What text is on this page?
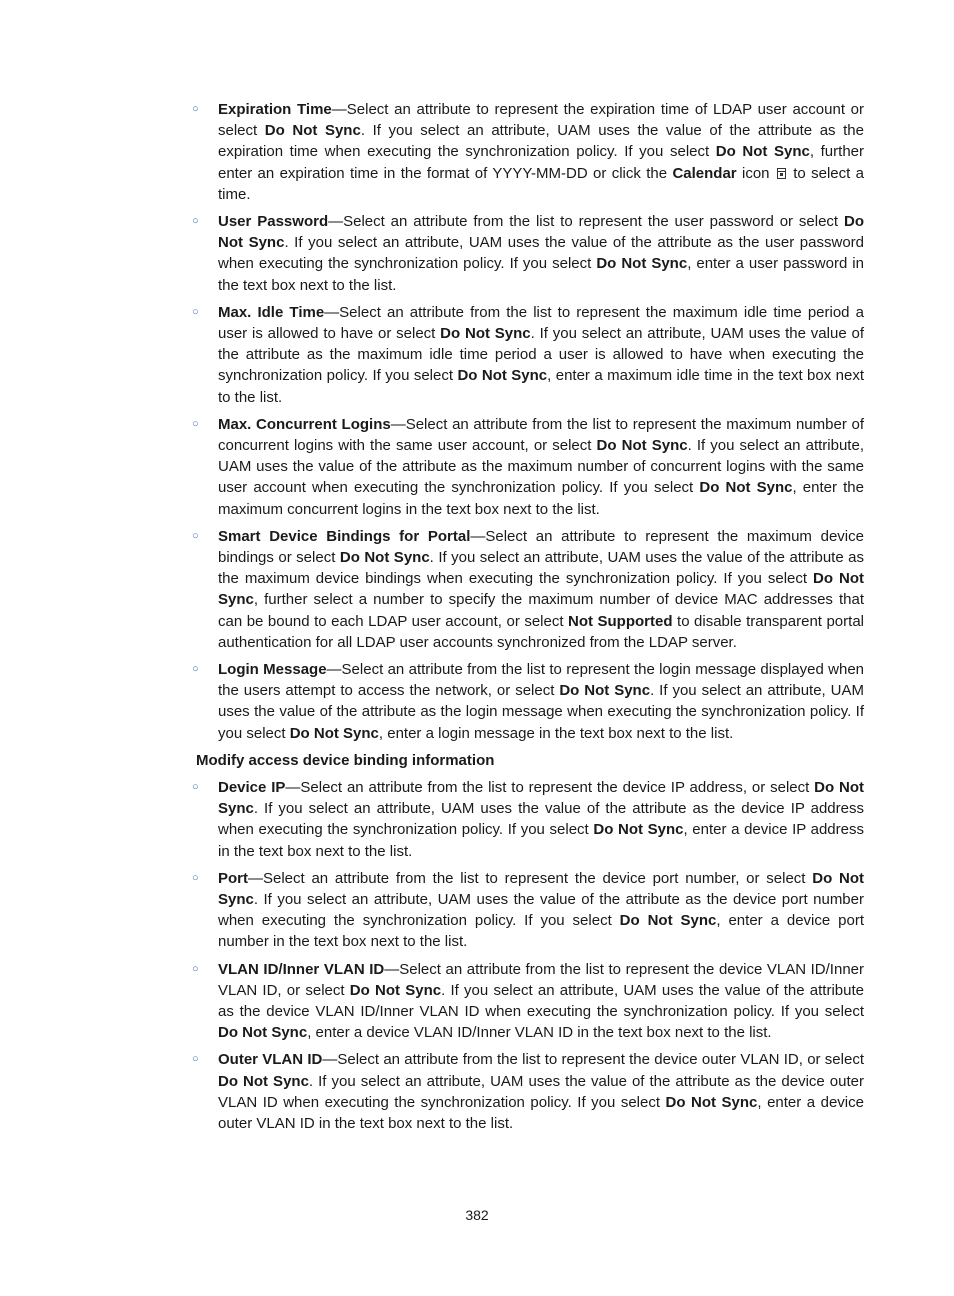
○ Expiration Time—Select an attribute to represent the expiration time of LDAP user account or select Do Not Sync. If you select an attribute, UAM uses the value of the attribute as the expiration time when executing the synchronization policy. If you select Do Not Sync, further enter an expiration time in the format of YYYY-MM-DD or click the Calendar icon to select a time.
○ User Password—Select an attribute from the list to represent the user password or select Do Not Sync. If you select an attribute, UAM uses the value of the attribute as the user password when executing the synchronization policy. If you select Do Not Sync, enter a user password in the text box next to the list.
○ Max. Idle Time—Select an attribute from the list to represent the maximum idle time period a user is allowed to have or select Do Not Sync. If you select an attribute, UAM uses the value of the attribute as the maximum idle time period a user is allowed to have when executing the synchronization policy. If you select Do Not Sync, enter a maximum idle time in the text box next to the list.
○ Max. Concurrent Logins—Select an attribute from the list to represent the maximum number of concurrent logins with the same user account, or select Do Not Sync. If you select an attribute, UAM uses the value of the attribute as the maximum number of concurrent logins with the same user account when executing the synchronization policy. If you select Do Not Sync, enter the maximum concurrent logins in the text box next to the list.
○ Smart Device Bindings for Portal—Select an attribute to represent the maximum device bindings or select Do Not Sync. If you select an attribute, UAM uses the value of the attribute as the maximum device bindings when executing the synchronization policy. If you select Do Not Sync, further select a number to specify the maximum number of device MAC addresses that can be bound to each LDAP user account, or select Not Supported to disable transparent portal authentication for all LDAP user accounts synchronized from the LDAP server.
○ Login Message—Select an attribute from the list to represent the login message displayed when the users attempt to access the network, or select Do Not Sync. If you select an attribute, UAM uses the value of the attribute as the login message when executing the synchronization policy. If you select Do Not Sync, enter a login message in the text box next to the list.
Modify access device binding information
○ Device IP—Select an attribute from the list to represent the device IP address, or select Do Not Sync. If you select an attribute, UAM uses the value of the attribute as the device IP address when executing the synchronization policy. If you select Do Not Sync, enter a device IP address in the text box next to the list.
○ Port—Select an attribute from the list to represent the device port number, or select Do Not Sync. If you select an attribute, UAM uses the value of the attribute as the device port number when executing the synchronization policy. If you select Do Not Sync, enter a device port number in the text box next to the list.
○ VLAN ID/Inner VLAN ID—Select an attribute from the list to represent the device VLAN ID/Inner VLAN ID, or select Do Not Sync. If you select an attribute, UAM uses the value of the attribute as the device VLAN ID/Inner VLAN ID when executing the synchronization policy. If you select Do Not Sync, enter a device VLAN ID/Inner VLAN ID in the text box next to the list.
○ Outer VLAN ID—Select an attribute from the list to represent the device outer VLAN ID, or select Do Not Sync. If you select an attribute, UAM uses the value of the attribute as the device outer VLAN ID when executing the synchronization policy. If you select Do Not Sync, enter a device outer VLAN ID in the text box next to the list.
382
